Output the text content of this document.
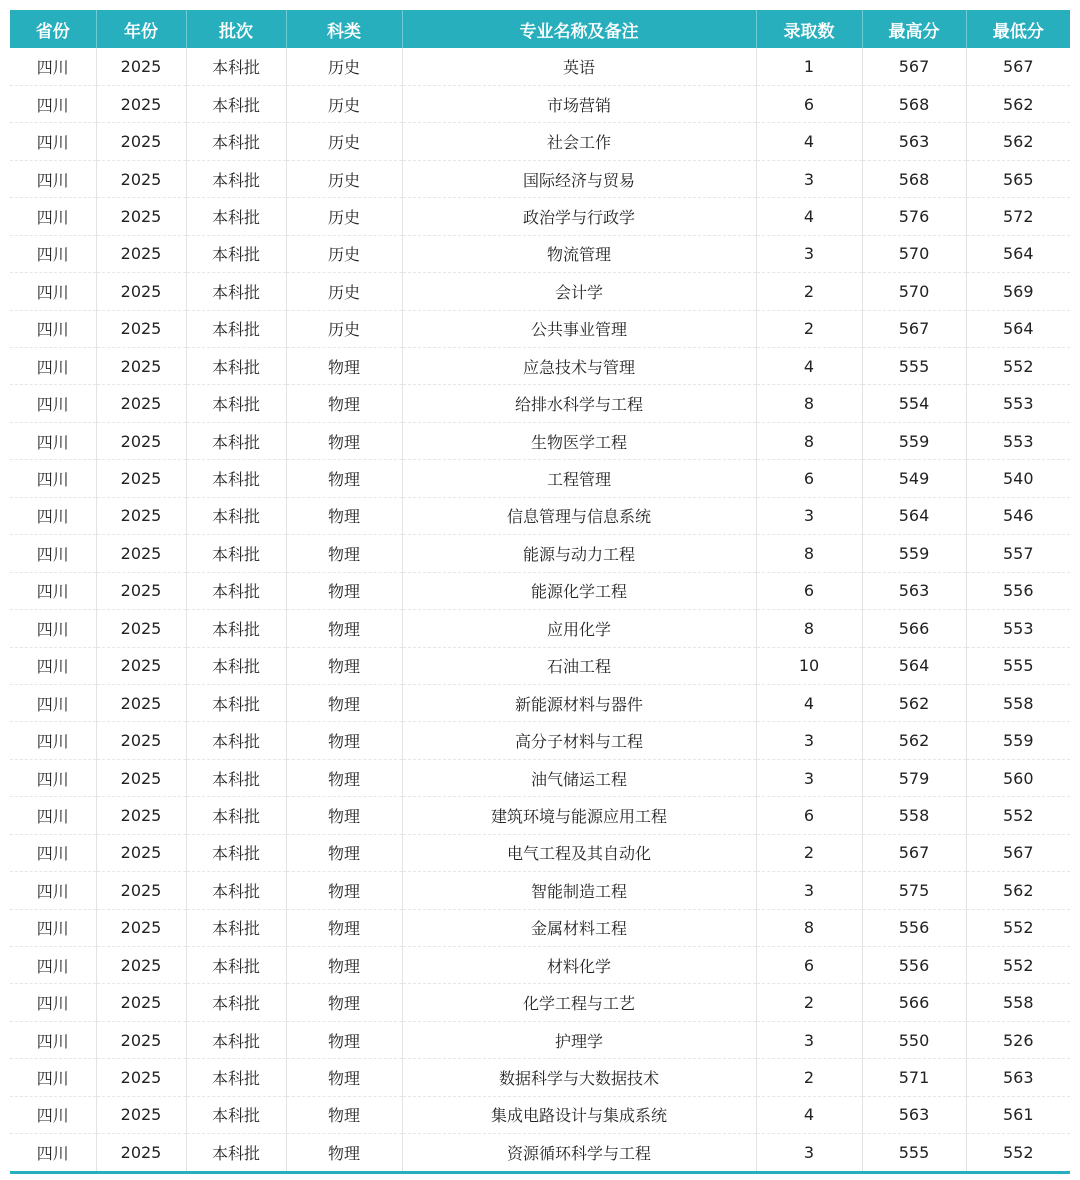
省份	年份	批次	科类	专业名称及备注	录取数	最高分	最低分
四川	2025	本科批	历史	英语	1	567	567
四川	2025	本科批	历史	市场营销	6	568	562
四川	2025	本科批	历史	社会工作	4	563	562
四川	2025	本科批	历史	国际经济与贸易	3	568	565
四川	2025	本科批	历史	政治学与行政学	4	576	572
四川	2025	本科批	历史	物流管理	3	570	564
四川	2025	本科批	历史	会计学	2	570	569
四川	2025	本科批	历史	公共事业管理	2	567	564
四川	2025	本科批	物理	应急技术与管理	4	555	552
四川	2025	本科批	物理	给排水科学与工程	8	554	553
四川	2025	本科批	物理	生物医学工程	8	559	553
四川	2025	本科批	物理	工程管理	6	549	540
四川	2025	本科批	物理	信息管理与信息系统	3	564	546
四川	2025	本科批	物理	能源与动力工程	8	559	557
四川	2025	本科批	物理	能源化学工程	6	563	556
四川	2025	本科批	物理	应用化学	8	566	553
四川	2025	本科批	物理	石油工程	10	564	555
四川	2025	本科批	物理	新能源材料与器件	4	562	558
四川	2025	本科批	物理	高分子材料与工程	3	562	559
四川	2025	本科批	物理	油气储运工程	3	579	560
四川	2025	本科批	物理	建筑环境与能源应用工程	6	558	552
四川	2025	本科批	物理	电气工程及其自动化	2	567	567
四川	2025	本科批	物理	智能制造工程	3	575	562
四川	2025	本科批	物理	金属材料工程	8	556	552
四川	2025	本科批	物理	材料化学	6	556	552
四川	2025	本科批	物理	化学工程与工艺	2	566	558
四川	2025	本科批	物理	护理学	3	550	526
四川	2025	本科批	物理	数据科学与大数据技术	2	571	563
四川	2025	本科批	物理	集成电路设计与集成系统	4	563	561
四川	2025	本科批	物理	资源循环科学与工程	3	555	552
